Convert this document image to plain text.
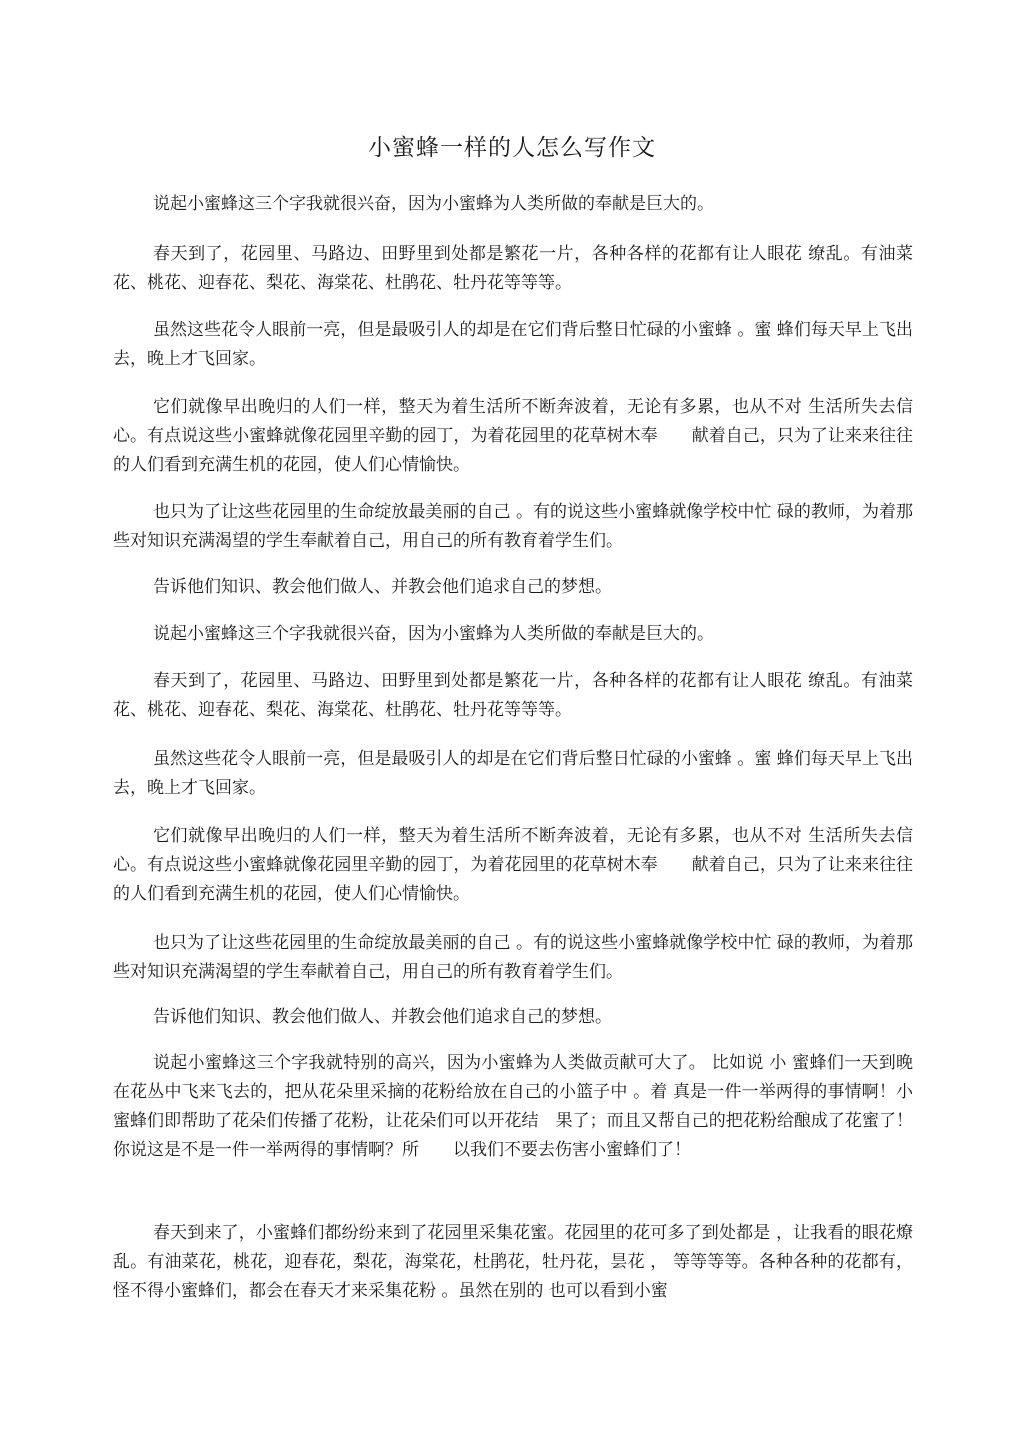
小蜜蜂一样的人怎么写作文

说起小蜜蜂这三个字我就很兴奋，因为小蜜蜂为人类所做的奉献是巨大的。

春天到了，花园里、马路边、田野里到处都是繁花一片，各种各样的花都有让人眼花 缭乱。有油菜花、桃花、迎春花、梨花、海棠花、杜鹃花、牡丹花等等等。

虽然这些花令人眼前一亮，但是最吸引人的却是在它们背后整日忙碌的小蜜蜂 。蜜 蜂们每天早上飞出去，晚上才飞回家。

它们就像早出晚归的人们一样，整天为着生活所不断奔波着，无论有多累，也从不对 生活所失去信心。有点说这些小蜜蜂就像花园里辛勤的园丁，为着花园里的花草树木奉　　献着自己，只为了让来来往往的人们看到充满生机的花园，使人们心情愉快。

也只为了让这些花园里的生命绽放最美丽的自己 。有的说这些小蜜蜂就像学校中忙 碌的教师，为着那些对知识充满渴望的学生奉献着自己，用自己的所有教育着学生们。

告诉他们知识、教会他们做人、并教会他们追求自己的梦想。

说起小蜜蜂这三个字我就很兴奋，因为小蜜蜂为人类所做的奉献是巨大的。

春天到了，花园里、马路边、田野里到处都是繁花一片，各种各样的花都有让人眼花 缭乱。有油菜花、桃花、迎春花、梨花、海棠花、杜鹃花、牡丹花等等等。

虽然这些花令人眼前一亮，但是最吸引人的却是在它们背后整日忙碌的小蜜蜂 。蜜 蜂们每天早上飞出去，晚上才飞回家。

它们就像早出晚归的人们一样，整天为着生活所不断奔波着，无论有多累，也从不对 生活所失去信心。有点说这些小蜜蜂就像花园里辛勤的园丁，为着花园里的花草树木奉　　献着自己，只为了让来来往往的人们看到充满生机的花园，使人们心情愉快。

也只为了让这些花园里的生命绽放最美丽的自己 。有的说这些小蜜蜂就像学校中忙 碌的教师，为着那些对知识充满渴望的学生奉献着自己，用自己的所有教育着学生们。

告诉他们知识、教会他们做人、并教会他们追求自己的梦想。

说起小蜜蜂这三个字我就特别的高兴，因为小蜜蜂为人类做贡献可大了。 比如说 小 蜜蜂们一天到晚在花丛中飞来飞去的，把从花朵里采摘的花粉给放在自己的小篮子中 。着 真是一件一举两得的事情啊！小蜜蜂们即帮助了花朵们传播了花粉，让花朵们可以开花结　果了；而且又帮自己的把花粉给酿成了花蜜了！你说这是不是一件一举两得的事情啊？所　　以我们不要去伤害小蜜蜂们了！

春天到来了，小蜜蜂们都纷纷来到了花园里采集花蜜。花园里的花可多了到处都是 ，让我看的眼花燎乱。有油菜花，桃花，迎春花，梨花，海棠花，杜鹃花，牡丹花，昙花 ， 等等等等。各种各种的花都有，怪不得小蜜蜂们，都会在春天才来采集花粉 。虽然在别的 也可以看到小蜜
